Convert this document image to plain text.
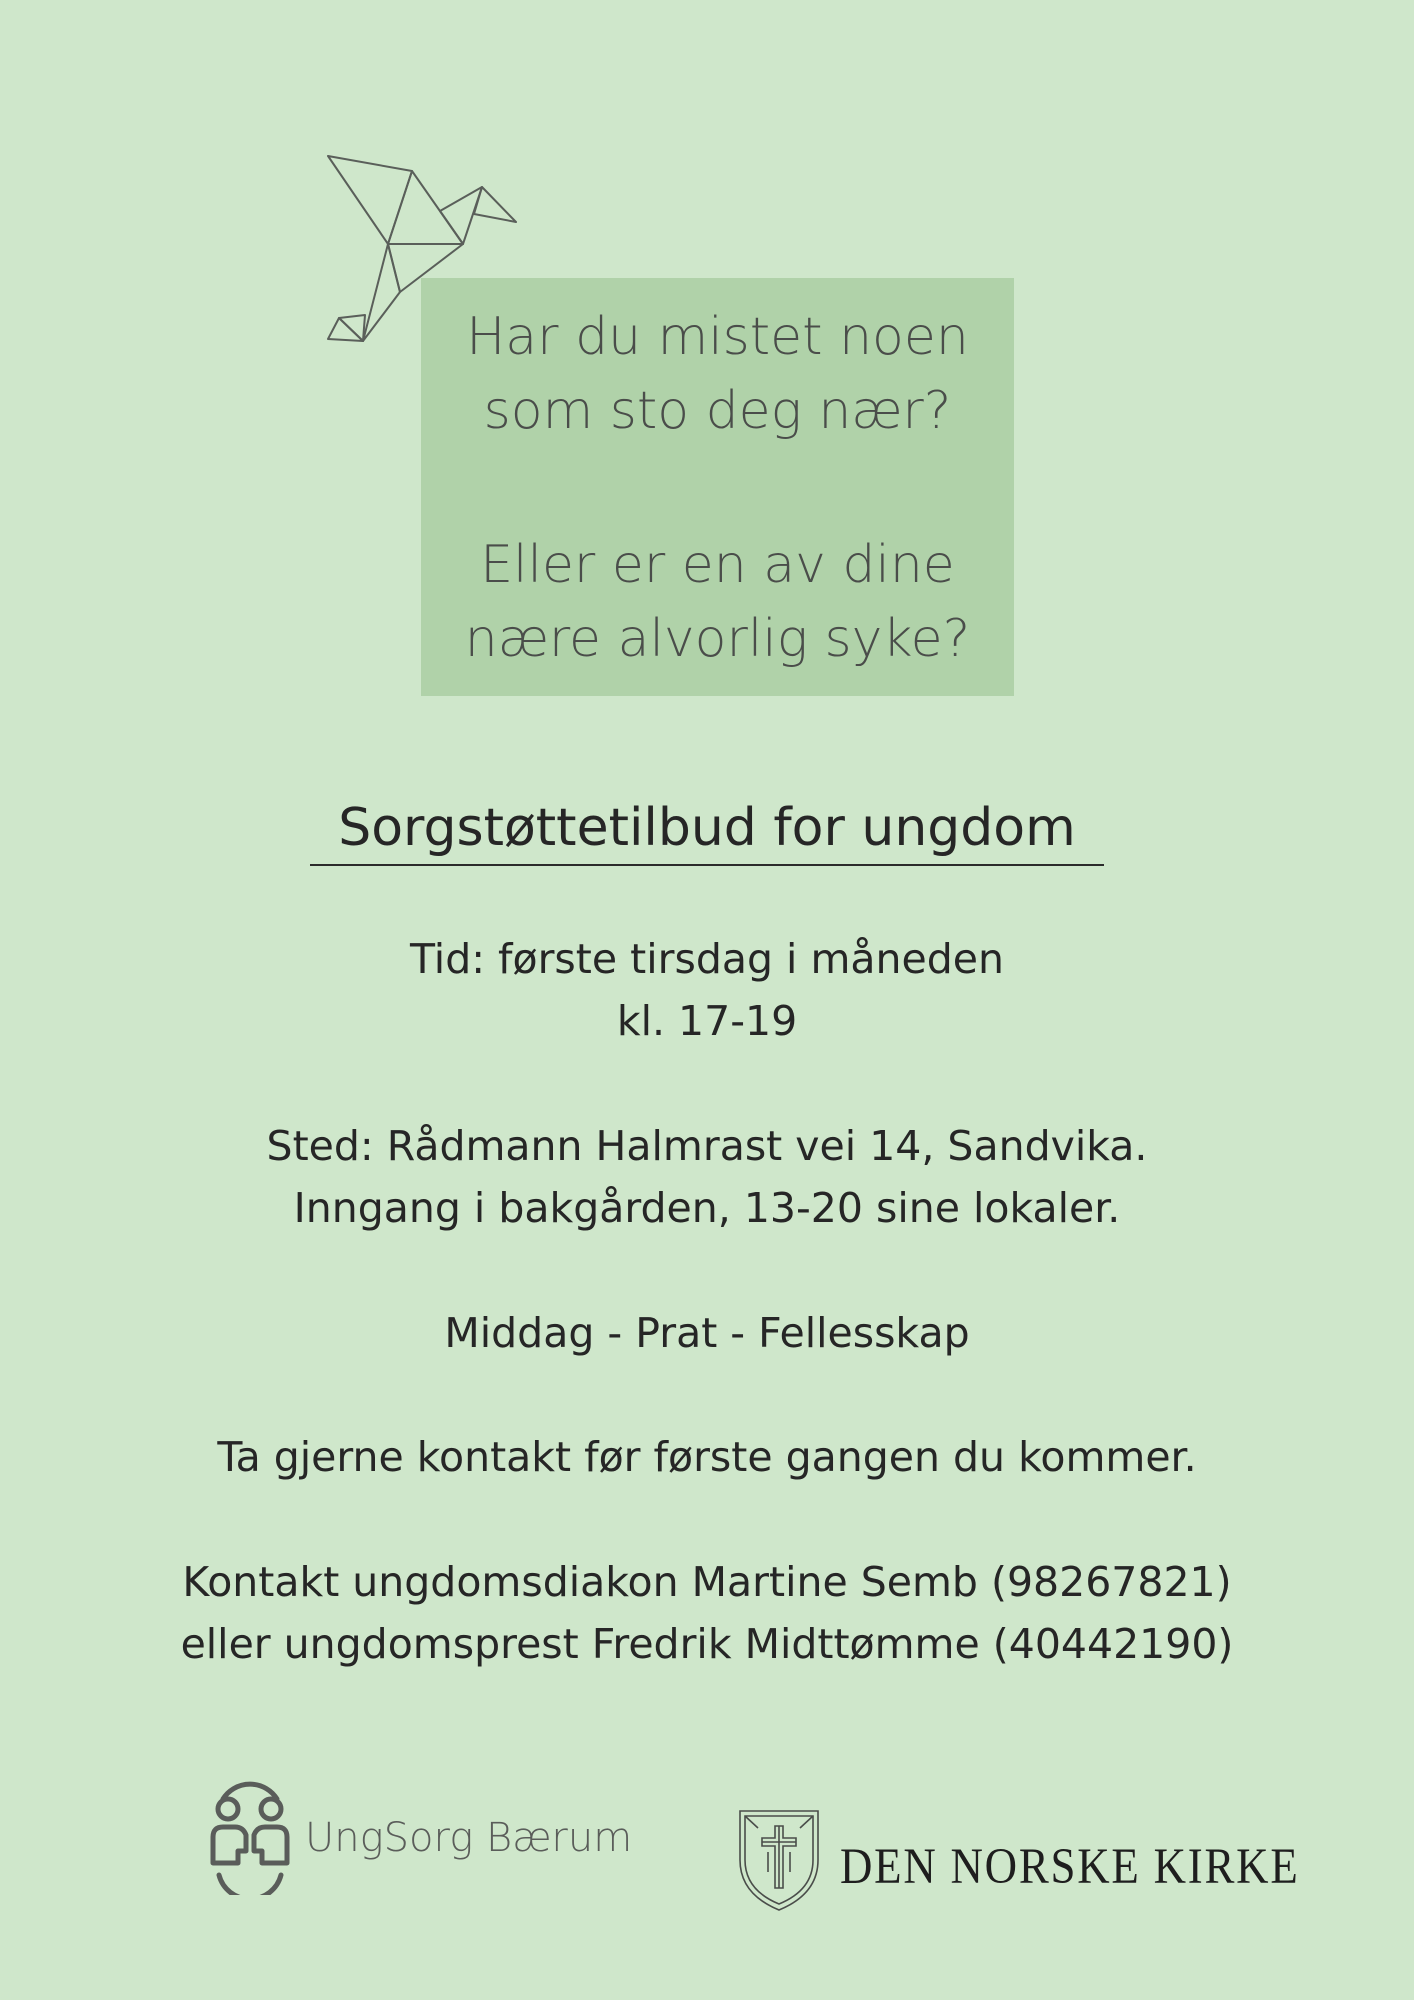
Har du mistet noen
som sto deg nær?
Eller er en av dine
nære alvorlig syke?
Sorgstøttetilbud for ungdom
Tid: første tirsdag i måneden
kl. 17-19
Sted: Rådmann Halmrast vei 14, Sandvika.
Inngang i bakgården, 13-20 sine lokaler.
Middag - Prat - Fellesskap
Ta gjerne kontakt før første gangen du kommer.
Kontakt ungdomsdiakon Martine Semb (98267821)
eller ungdomsprest Fredrik Midttømme (40442190)
UngSorg Bærum
DEN NORSKE KIRKE
